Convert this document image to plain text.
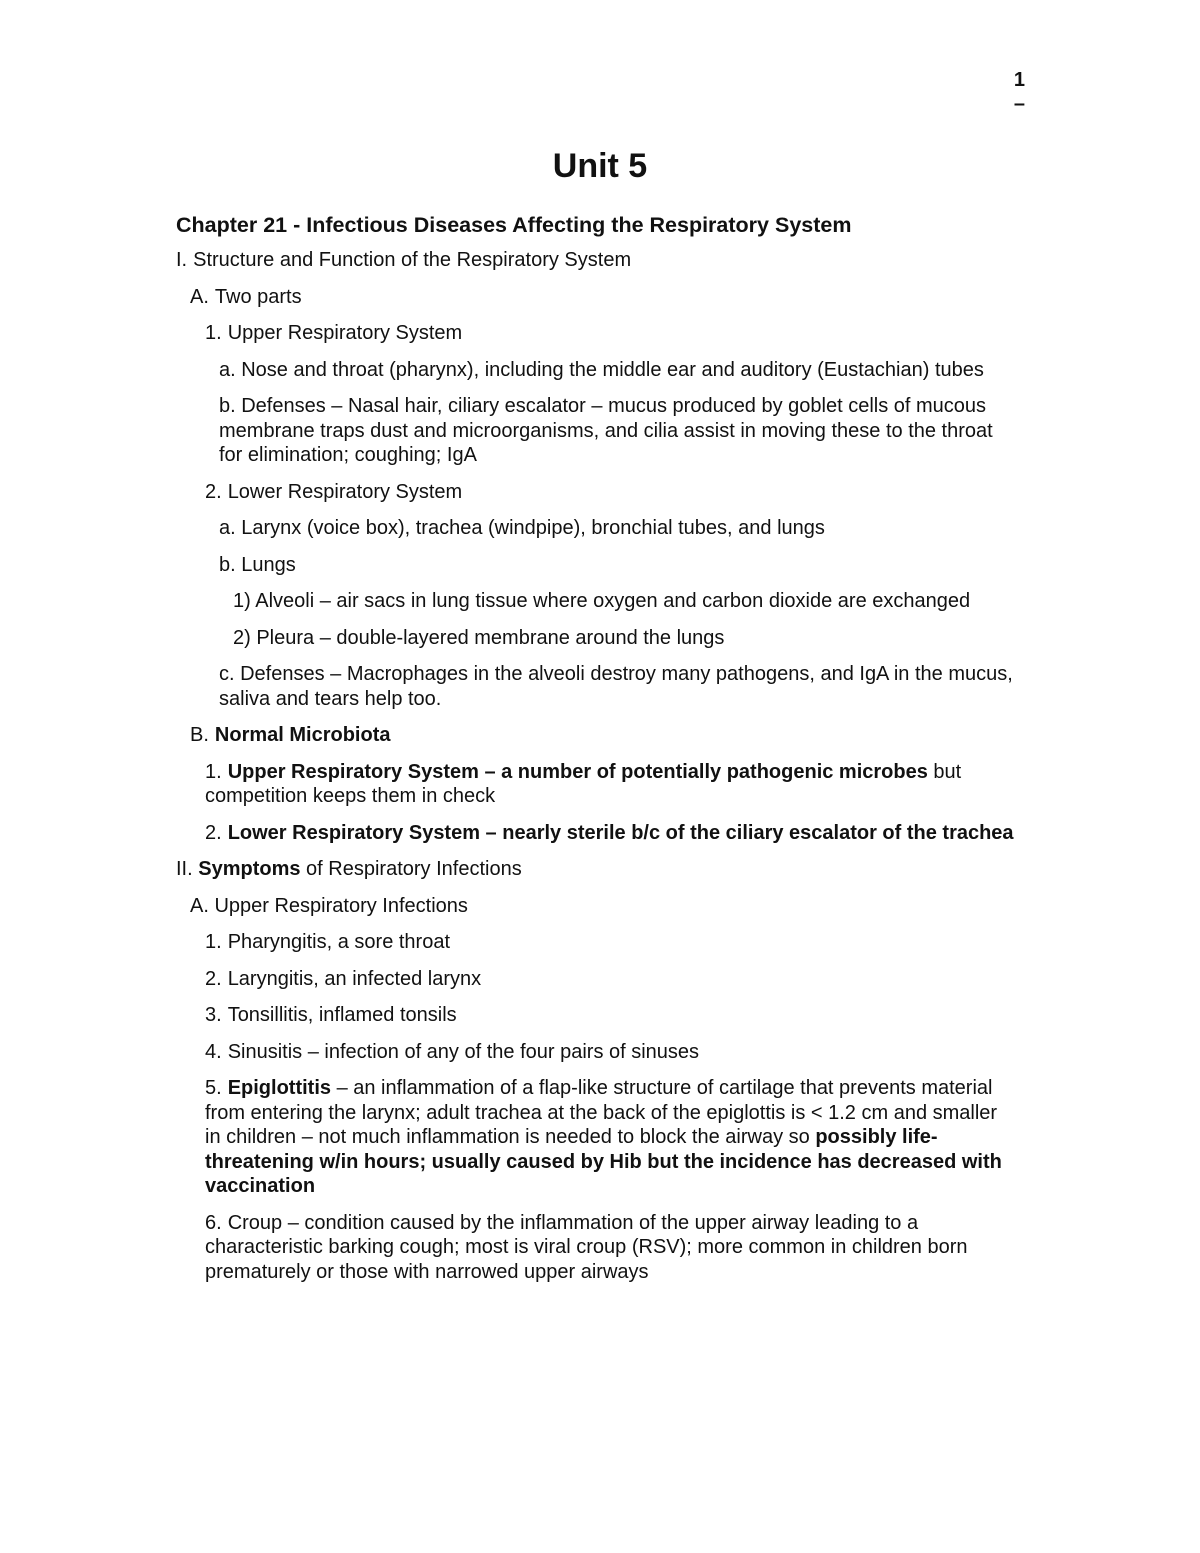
1
–
Unit 5

Chapter 21 - Infectious Diseases Affecting the Respiratory System

I. Structure and Function of the Respiratory System

A. Two parts

1. Upper Respiratory System

a. Nose and throat (pharynx), including the middle ear and auditory (Eustachian) tubes

b. Defenses – Nasal hair, ciliary escalator – mucus produced by goblet cells of mucous membrane traps dust and microorganisms, and cilia assist in moving these to the throat for elimination; coughing; IgA

2. Lower Respiratory System

a. Larynx (voice box), trachea (windpipe), bronchial tubes, and lungs

b. Lungs

1) Alveoli – air sacs in lung tissue where oxygen and carbon dioxide are exchanged

2) Pleura – double-layered membrane around the lungs

c. Defenses – Macrophages in the alveoli destroy many pathogens, and IgA in the mucus, saliva and tears help too.

B. Normal Microbiota

1. Upper Respiratory System – a number of potentially pathogenic microbes but competition keeps them in check

2. Lower Respiratory System – nearly sterile b/c of the ciliary escalator of the trachea

II. Symptoms of Respiratory Infections

A. Upper Respiratory Infections

1. Pharyngitis, a sore throat

2. Laryngitis, an infected larynx

3. Tonsillitis, inflamed tonsils

4. Sinusitis – infection of any of the four pairs of sinuses

5. Epiglottitis – an inflammation of a flap-like structure of cartilage that prevents material from entering the larynx; adult trachea at the back of the epiglottis is < 1.2 cm and smaller in children – not much inflammation is needed to block the airway so possibly life-threatening w/in hours; usually caused by Hib but the incidence has decreased with vaccination

6. Croup – condition caused by the inflammation of the upper airway leading to a characteristic barking cough; most is viral croup (RSV); more common in children born prematurely or those with narrowed upper airways
